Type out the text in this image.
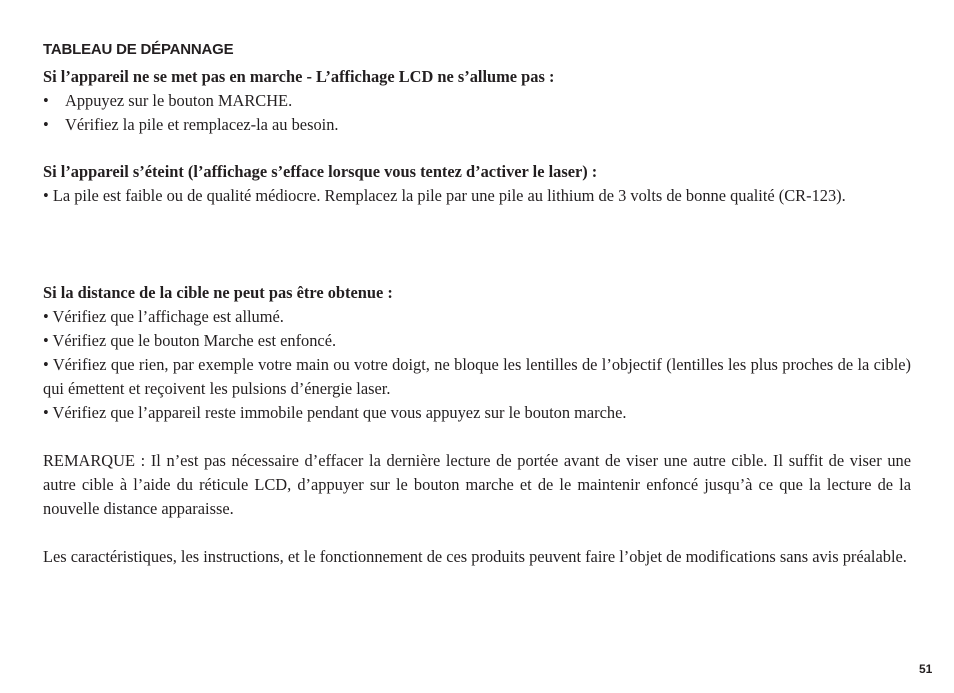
TABLEAU DE DÉPANNAGE

Si l’appareil ne se met pas en marche - L’affichage LCD ne s’allume pas :

• Appuyez sur le bouton MARCHE.
• Vérifiez la pile et remplacez-la au besoin.

Si l’appareil s’éteint (l’affichage s’efface lorsque vous tentez d’activer le laser) :

• La pile est faible ou de qualité médiocre. Remplacez la pile par une pile au lithium de 3 volts de bonne qualité (CR-123).

Si la distance de la cible ne peut pas être obtenue :

• Vérifiez que l’affichage est allumé.

• Vérifiez que le bouton Marche est enfoncé.

• Vérifiez que rien, par exemple votre main ou votre doigt, ne bloque les lentilles de l’objectif (lentilles les plus proches de la cible) qui émettent et reçoivent les pulsions d’énergie laser.

• Vérifiez que l’appareil reste immobile pendant que vous appuyez sur le bouton marche.

REMARQUE : Il n’est pas nécessaire d’effacer la dernière lecture de portée avant de viser une autre cible. Il suffit de viser une autre cible à l’aide du réticule LCD, d’appuyer sur le bouton marche et de le maintenir enfoncé jusqu’à ce que la lecture de la nouvelle distance apparaisse.

Les caractéristiques, les instructions, et le fonctionnement de ces produits peuvent faire l’objet de modifications sans avis préalable.

51
